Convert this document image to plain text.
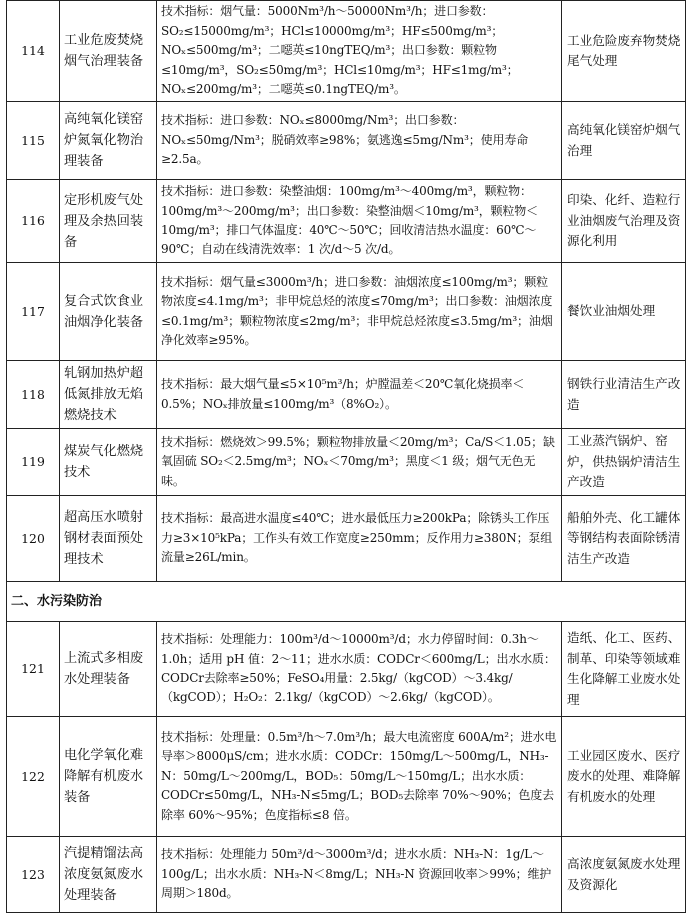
114	工业危废焚烧烟气治理装备	技术指标：烟气量：5000Nm³/h～50000Nm³/h；进口参数：SO₂≤15000mg/m³；HCl≤10000mg/m³；HF≤500mg/m³；NOₓ≤500mg/m³；二噁英≤10ngTEQ/m³；出口参数：颗粒物≤10mg/m³，SO₂≤50mg/m³；HCl≤10mg/m³；HF≤1mg/m³；NOₓ≤200mg/m³；二噁英≤0.1ngTEQ/m³。	工业危险废弃物焚烧尾气处理
115	高纯氧化镁窑炉氮氧化物治理装备	技术指标：进口参数：NOₓ≤8000mg/Nm³；出口参数：NOₓ≤50mg/Nm³；脱硝效率≥98%；氨逃逸≤5mg/Nm³；使用寿命≥2.5a。	高纯氧化镁窑炉烟气治理
116	定形机废气处理及余热回装备	技术指标：进口参数：染整油烟：100mg/m³～400mg/m³，颗粒物：100mg/m³～200mg/m³；出口参数：染整油烟＜10mg/m³，颗粒物＜10mg/m³；排口气体温度：40℃～50℃；回收清洁热水温度：60℃～90℃；自动在线清洗效率：1 次/d～5 次/d。	印染、化纤、造粒行业油烟废气治理及资源化利用
117	复合式饮食业油烟净化装备	技术指标：烟气量≤3000m³/h；进口参数：油烟浓度≤100mg/m³；颗粒物浓度≤4.1mg/m³；非甲烷总烃的浓度≤70mg/m³；出口参数：油烟浓度≤0.1mg/m³；颗粒物浓度≤2mg/m³；非甲烷总烃浓度≤3.5mg/m³；油烟净化效率≥95%。	餐饮业油烟处理
118	轧钢加热炉超低氮排放无焰燃烧技术	技术指标：最大烟气量≤5×10⁵m³/h；炉膛温差＜20℃氧化烧损率＜0.5%；NOₓ排放量≤100mg/m³（8%O₂）。	钢铁行业清洁生产改造
119	煤炭气化燃烧技术	技术指标：燃烧效＞99.5%；颗粒物排放量＜20mg/m³；Ca/S＜1.05；缺氧固硫 SO₂＜2.5mg/m³；NOₓ＜70mg/m³；黑度＜1 级；烟气无色无味。	工业蒸汽锅炉、窑炉，供热锅炉清洁生产改造
120	超高压水喷射钢材表面预处理技术	技术指标：最高进水温度≤40℃；进水最低压力≥200kPa；除锈头工作压力≥3×10⁵kPa；工作头有效工作宽度≥250mm；反作用力≥380N；泵组流量≥26L/min。	船舶外壳、化工罐体等钢结构表面除锈清洁生产改造
二、水污染防治			
121	上流式多相废水处理装备	技术指标：处理能力：100m³/d～10000m³/d；水力停留时间：0.3h～1.0h；适用 pH 值：2～11；进水水质：CODCr＜600mg/L；出水水质：CODCr去除率≥50%；FeSO₄用量：2.5kg/（kgCOD）～3.4kg/（kgCOD）；H₂O₂：2.1kg/（kgCOD）～2.6kg/（kgCOD）。	造纸、化工、医药、制革、印染等领域难生化降解工业废水处理
122	电化学氧化难降解有机废水装备	技术指标：处理量：0.5m³/h～7.0m³/h；最大电流密度 600A/m²；进水电导率＞8000μS/cm；进水水质：CODCr：150mg/L～500mg/L，NH₃-N：50mg/L～200mg/L，BOD₅：50mg/L～150mg/L；出水水质：CODCr≤50mg/L，NH₃-N≤5mg/L；BOD₅去除率 70%～90%；色度去除率 60%～95%；色度指标≤8 倍。	工业园区废水、医疗废水的处理、难降解有机废水的处理
123	汽提精馏法高浓度氨氮废水处理装备	技术指标：处理能力 50m³/d～3000m³/d；进水水质：NH₃-N：1g/L～100g/L；出水水质：NH₃-N＜8mg/L；NH₃-N 资源回收率＞99%；维护周期＞180d。	高浓度氨氮废水处理及资源化
